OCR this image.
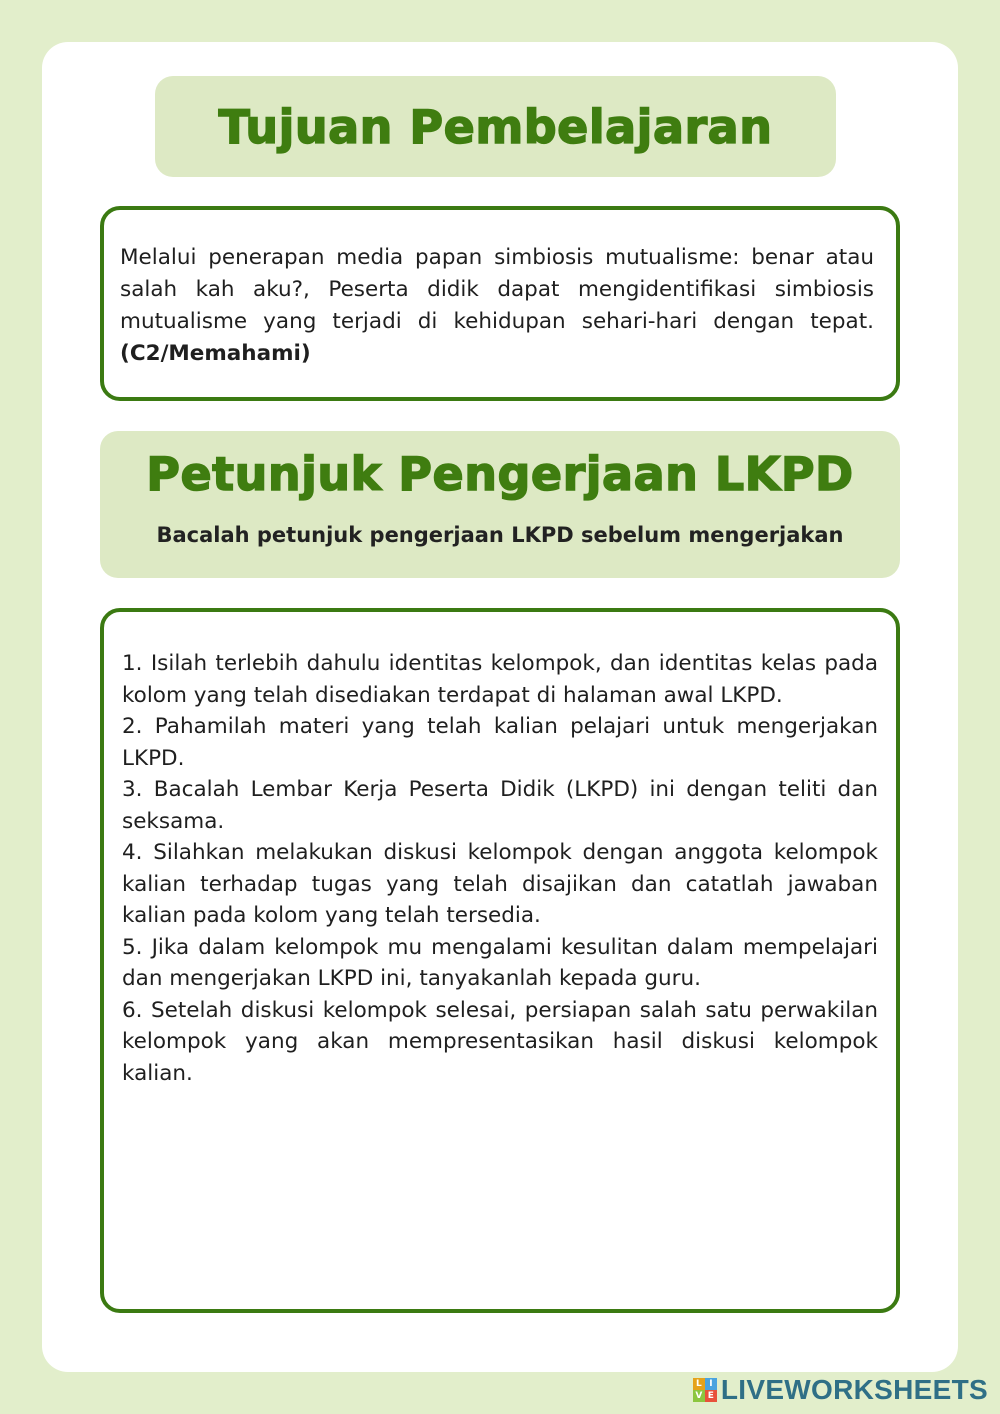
Tujuan Pembelajaran

Melalui penerapan media papan simbiosis mutualisme: benar atau salah kah aku?, Peserta didik dapat mengidentifikasi simbiosis mutualisme yang terjadi di kehidupan sehari-hari dengan tepat. (C2/Memahami)

Petunjuk Pengerjaan LKPD

Bacalah petunjuk pengerjaan LKPD sebelum mengerjakan

1. Isilah terlebih dahulu identitas kelompok, dan identitas kelas pada kolom yang telah disediakan terdapat di halaman awal LKPD.
2. Pahamilah materi yang telah kalian pelajari untuk mengerjakan LKPD.
3. Bacalah Lembar Kerja Peserta Didik (LKPD) ini dengan teliti dan seksama.
4. Silahkan melakukan diskusi kelompok dengan anggota kelompok kalian terhadap tugas yang telah disajikan dan catatlah jawaban kalian pada kolom yang telah tersedia.
5. Jika dalam kelompok mu mengalami kesulitan dalam mempelajari dan mengerjakan LKPD ini, tanyakanlah kepada guru.
6. Setelah diskusi kelompok selesai, persiapan salah satu perwakilan kelompok yang akan mempresentasikan hasil diskusi kelompok kalian.
L I
V E LIVEWORKSHEETS
